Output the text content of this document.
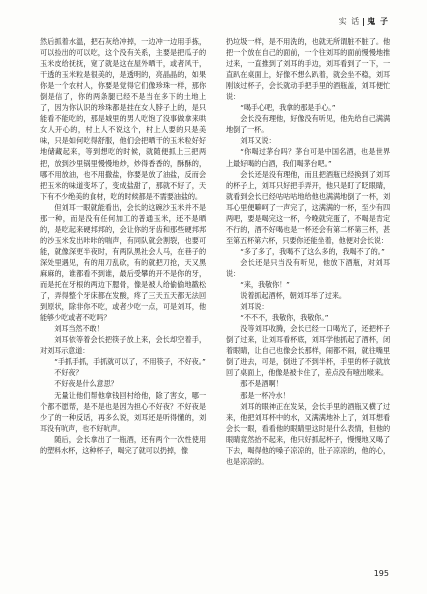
实 话 鬼 子

然后抓着水温，把石灰给冲掉，一边冲一边用手拣，可以捡出的可以吃，这个没有关系，主要是把瓜子的玉米皮给抚抚，宽了就是这在屋外晒干，或者风干，干透的玉米粒是很美的，是透明的，亮晶晶的，如果你是一个农村人，你要是觉得它们像珍珠一样，那你倒是信了，你的两条腿已经不是当在多下的土地上了，因为你认识的珍珠都是挂在女人脖子上的，是只能看不能吃的，那是城里的男人吃饱了没事做拿来哄女人开心的，村上人不说这个，村上人要的只是美味，只是如何吃得舒服，他们会把晒干的玉米粒好好地储藏起来，等到想吃的时候，就随便抓上三把两把，放到沙里锅里慢慢地炒，炒得香香的，酥酥的，哪不用放油，也不用撒盐，你要是放了油盐，反而会把玉米的味道变坏了，变成盐甜了，那就不好了，天下有不少绝美的食材，吃的时候都是不需要油盐的。

但刘耳一眼就能看出，会长的这碗沙玉米并不是那一种，而是没有任何加工的普通玉米，还不是晒的，是吃起来硬邦邦的，会让你的牙齿和那些硬邦邦的沙玉米发出咔咔的喘声，有同队就会割裂，也要可能，就像深更半夜时，有两队黑社会人马，在巷子的深处里遇见，有的用刀乱砍，有的就把刀抢，天又黑麻麻的，谁都看不到谁，最后受攀的开不是你的牙，而是托在牙根的两边下腮骨，像是被人给偷偷地戳松了，弄得整个牙床都在发酸，疼了三天五天都无法回到原状，除非你不吃，或者少吃一点，可是刘耳，他能够少吃或者不吃吗？

刘耳当然不敢！

刘耳依等着会长把筷子放上来，会长却空着手，对刘耳示意道：

“手抓手抓，手抓就可以了，不用筷子，不好夜。”

不好夜？

不好夜是什么意思？

无量让他们帮他拿钱回村给他，除了害女，哪一个都不愿帮，是不是也是因为担心不好夜？不好夜是少了的一种反话，再多么说，刘耳还是听得懂的，刘耳没有吭声，也不好吭声。

随后，会长拿出了一瓶酒，还有两个一次性使用的塑料水杯，这种杯子，喝完了就可以扔掉，像

扔垃圾一样，是不用洗的，也就无所谓脏不脏了。他把一个放在自己的面前，一个往刘耳的面前慢慢地推过来，一直推到了刘耳的手边，刘耳看到了一下，一直趴在桌面上，好像不想么趴着，就会坐不稳，刘耳刚该过杯子，会长就动手把手里的酒瓶盖，刘耳便忙说：

“喝手心吧，我拿的那是手心。”

会长没有理他，好像没有听见，他先给自己满满地倒了一杯。

刘耳又说：

“你喝过茅台吗？茅台可是中国名酒，也是世界上最好喝的白酒，我们喝茅台吧。”

会长还是没有理他，而且把酒瓶已经换到了刘耳的杯子上，刘耳只好把手弄开，他只是盯了眨眼睛，就看到会长已经咕咕咕地给他也满满地倒了一杯，刘耳心里便噼呵了一声完了，这满满的一杯，至少有四两吧，要是喝完这一杯，今晚就完蛋了，不喝是肯定不行的，酒不好喝也是一杯还会有第二杯第三杯，甚至第五杯第六杯，只要你还能坐着，他便对会长说：

“多了多了，我喝不了这么多的，我喝不了的。”

会长还是只当没有听见，他放下酒瓶，对刘耳说：

“来，我敬你！”

说着抓起酒杯，朝刘耳举了过来。

刘耳说：

“不不不，我敬你，我敬你。”

没等刘耳收腾，会长已经一口喝光了，还把杯子倒了过来，让刘耳看杯底，刘耳学他抓起了酒杯，闭着眼睛，让自己也像会长那样，闹都不闹，就往嘴里倒了进去，可是，倒进了不到半杯，手里的杯子就放回了桌面上，他像是被卡住了，差点没有噎出喉来。

那不是酒啊！

那是一杯冷水！

刘耳的眼神正在发呆，会长手里的酒瓶又横了过来，他把刘耳杯中的水，又满满地补上了，刘耳想看会长一眼，看看他的眼睛里这时是什么表情，但他的眼睛竟然抬不起来，他只好抓起杯子，慢慢地又喝了下去，喝得他的嗓子凉凉的，肚子凉凉的，他的心，也是凉凉的。

195
